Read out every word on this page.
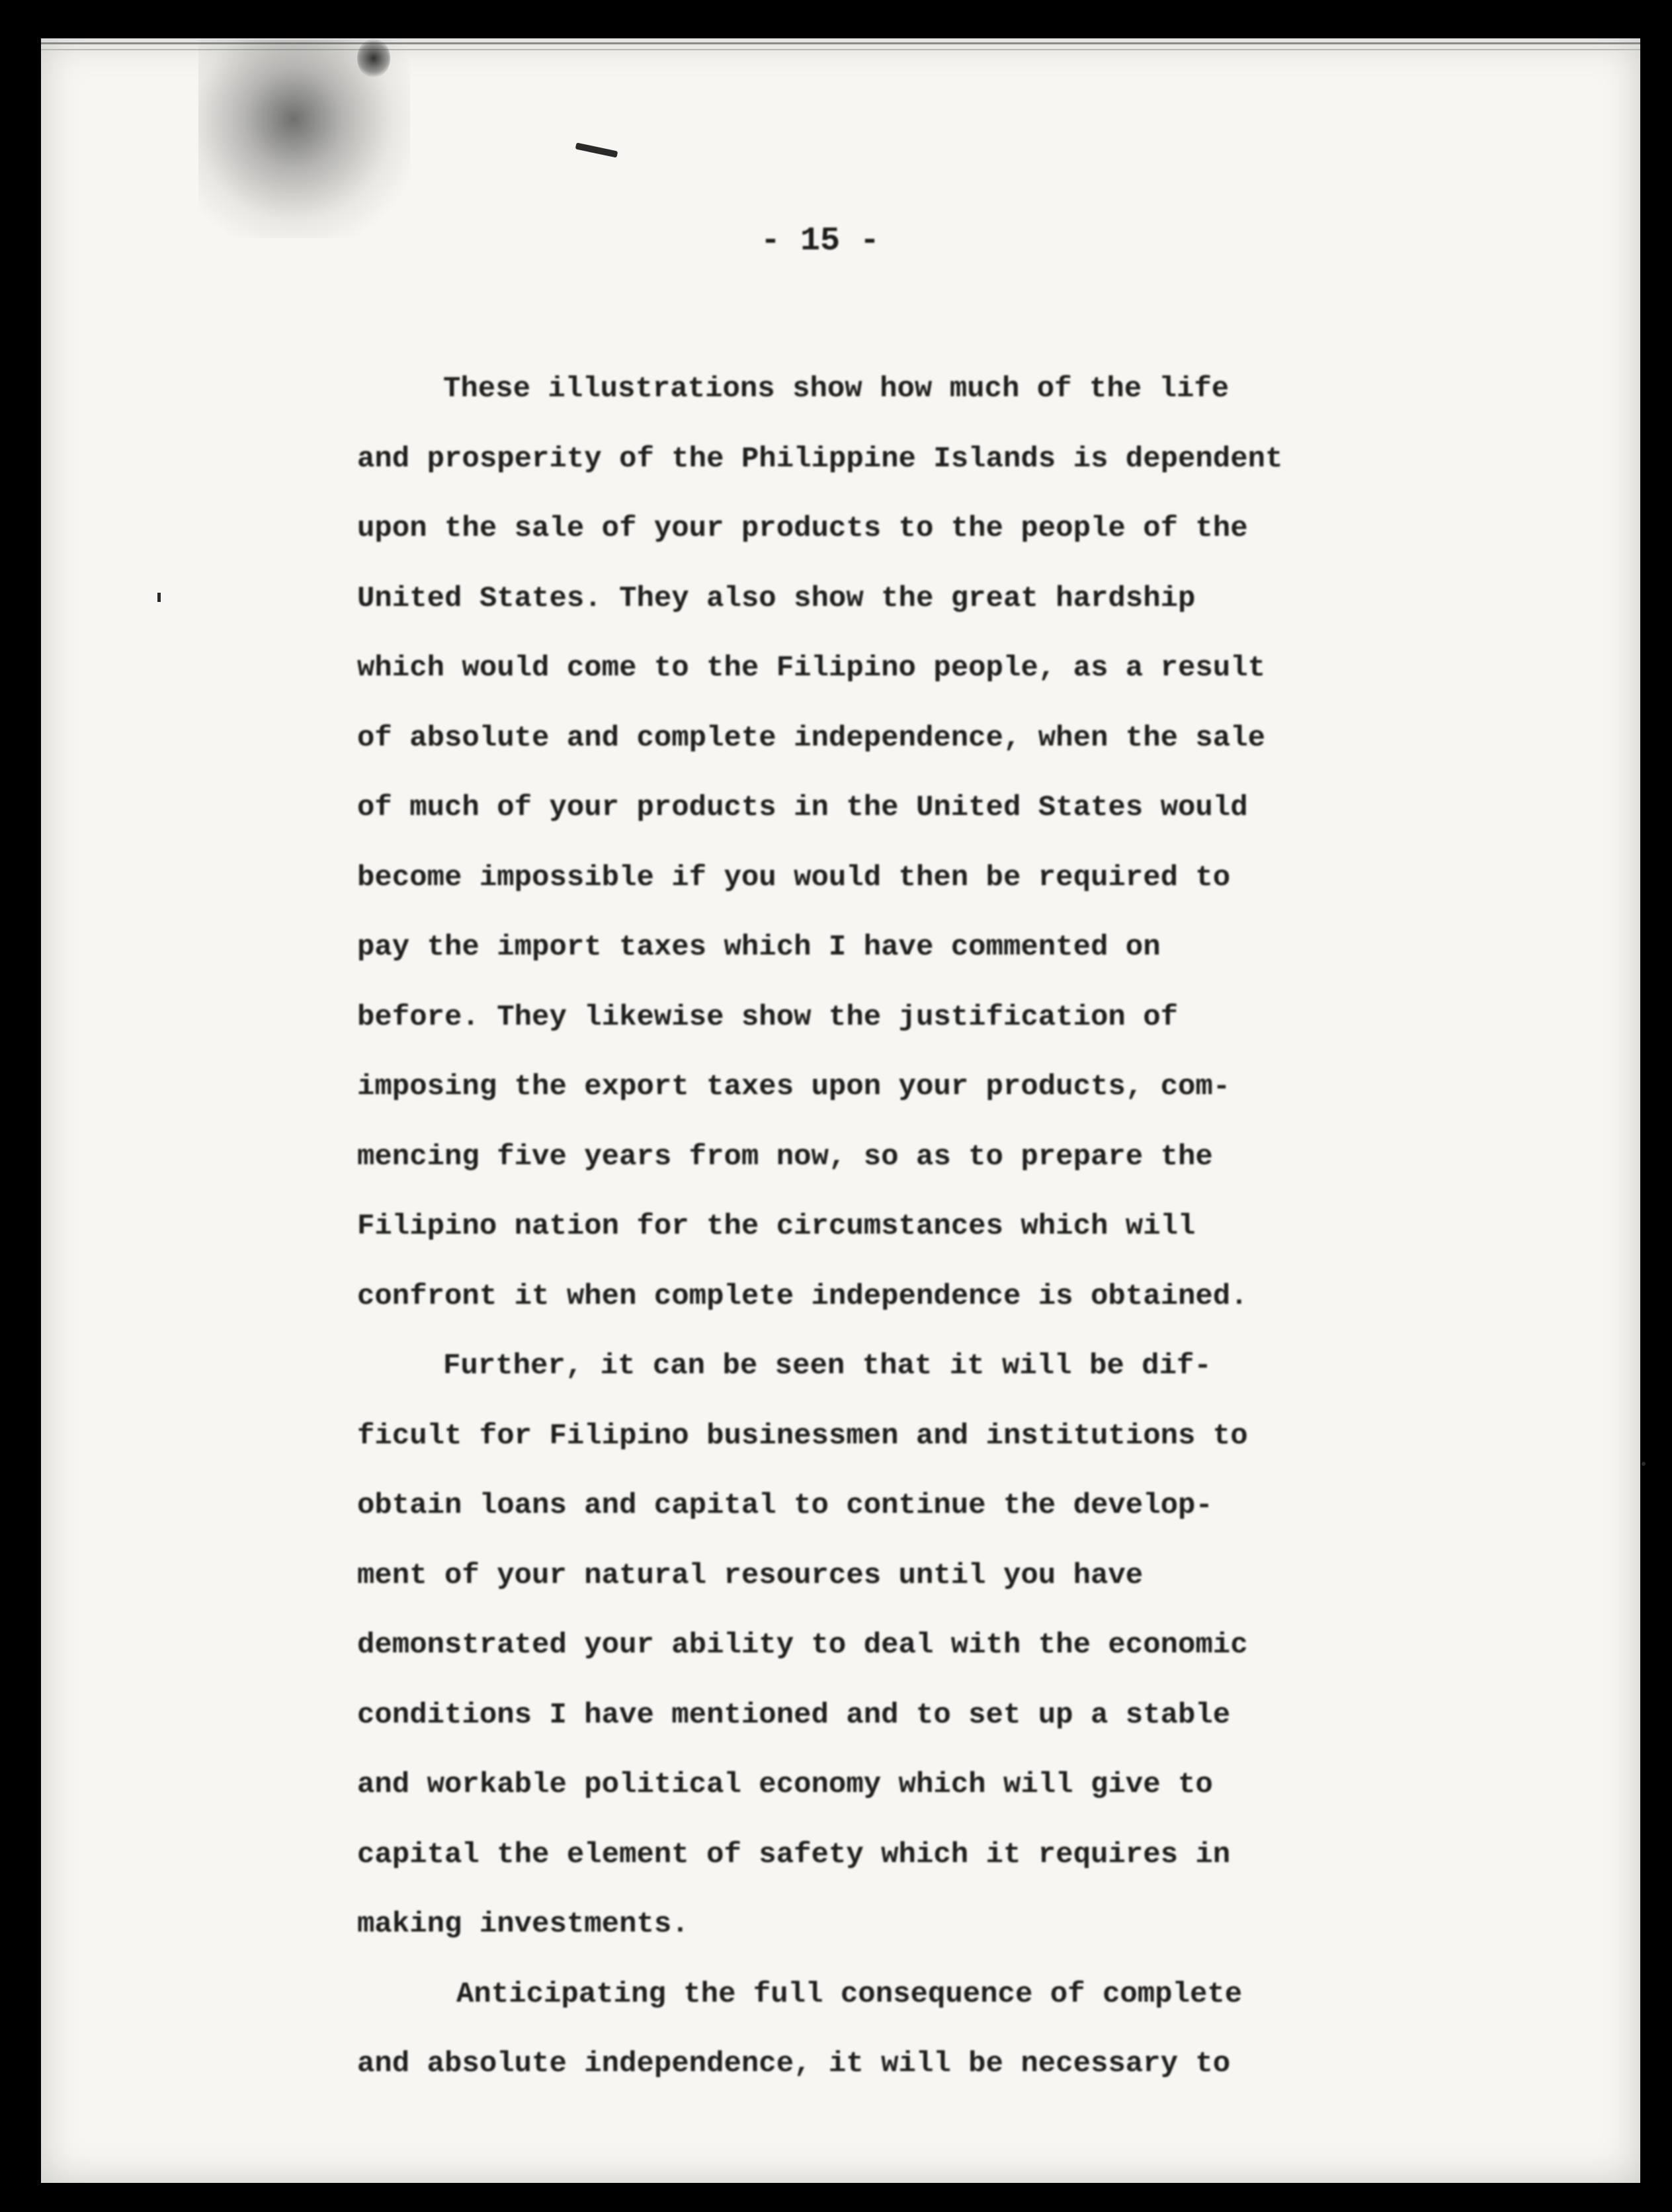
- 15 -
These illustrations show how much of the life
and prosperity of the Philippine Islands is dependent
upon the sale of your products to the people of the
United States. They also show the great hardship
which would come to the Filipino people, as a result
of absolute and complete independence, when the sale
of much of your products in the United States would
become impossible if you would then be required to
pay the import taxes which I have commented on
before. They likewise show the justification of
imposing the export taxes upon your products, com-
mencing five years from now, so as to prepare the
Filipino nation for the circumstances which will
confront it when complete independence is obtained.
Further, it can be seen that it will be dif-
ficult for Filipino businessmen and institutions to
obtain loans and capital to continue the develop-
ment of your natural resources until you have
demonstrated your ability to deal with the economic
conditions I have mentioned and to set up a stable
and workable political economy which will give to
capital the element of safety which it requires in
making investments.
Anticipating the full consequence of complete
and absolute independence, it will be necessary to
